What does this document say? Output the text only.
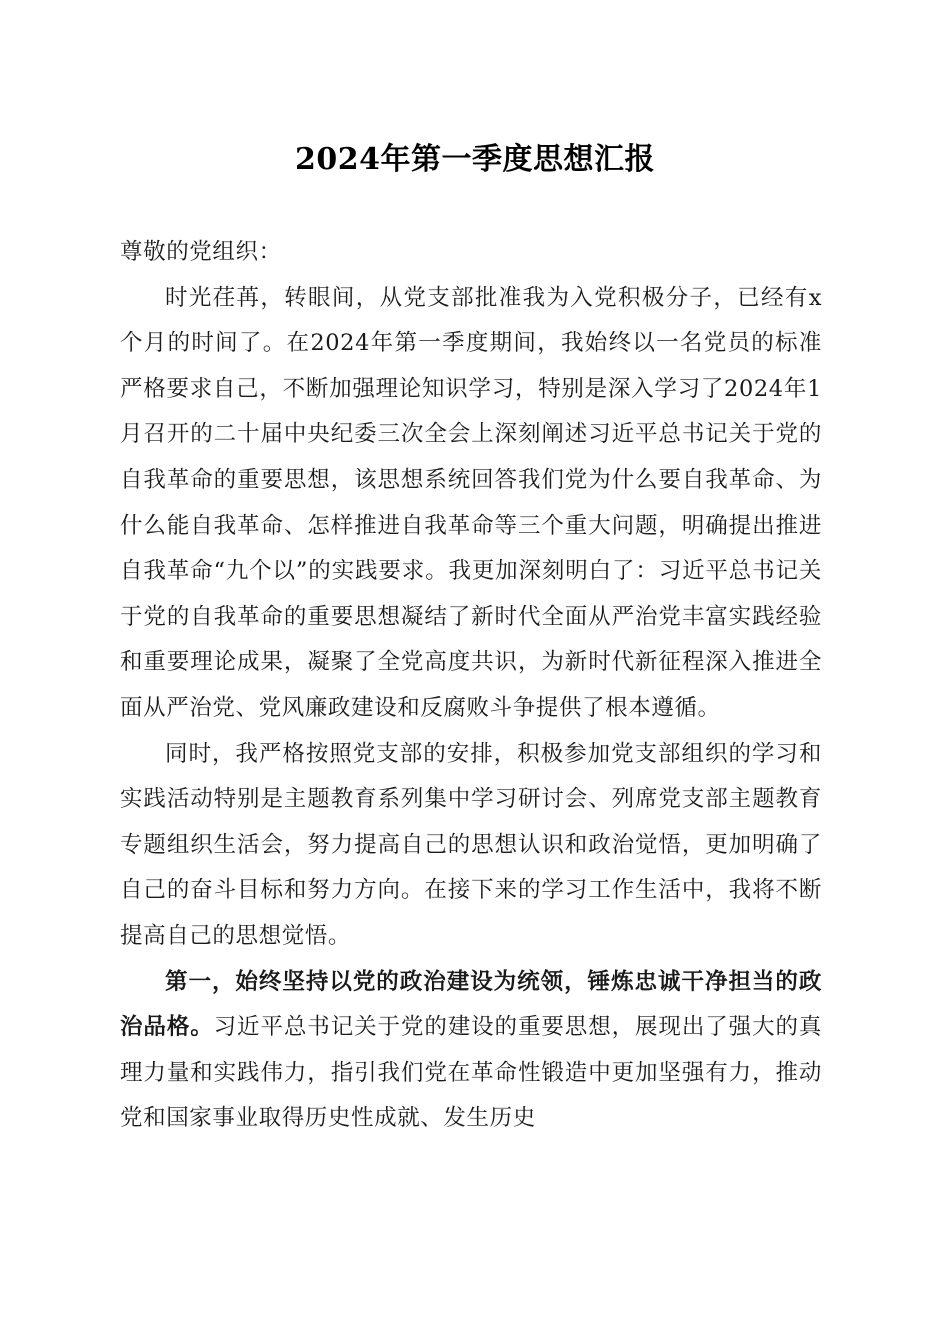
2024年第一季度思想汇报

尊敬的党组织：

时光荏苒，转眼间，从党支部批准我为入党积极分子，已经有x个月的时间了。在2024年第一季度期间，我始终以一名党员的标准严格要求自己，不断加强理论知识学习，特别是深入学习了2024年1月召开的二十届中央纪委三次全会上深刻阐述习近平总书记关于党的自我革命的重要思想，该思想系统回答我们党为什么要自我革命、为什么能自我革命、怎样推进自我革命等三个重大问题，明确提出推进自我革命“九个以”的实践要求。我更加深刻明白了：习近平总书记关于党的自我革命的重要思想凝结了新时代全面从严治党丰富实践经验和重要理论成果，凝聚了全党高度共识，为新时代新征程深入推进全面从严治党、党风廉政建设和反腐败斗争提供了根本遵循。

同时，我严格按照党支部的安排，积极参加党支部组织的学习和实践活动特别是主题教育系列集中学习研讨会、列席党支部主题教育专题组织生活会，努力提高自己的思想认识和政治觉悟，更加明确了自己的奋斗目标和努力方向。在接下来的学习工作生活中，我将不断提高自己的思想觉悟。

第一，始终坚持以党的政治建设为统领，锤炼忠诚干净担当的政治品格。习近平总书记关于党的建设的重要思想，展现出了强大的真理力量和实践伟力，指引我们党在革命性锻造中更加坚强有力，推动党和国家事业取得历史性成就、发生历史
